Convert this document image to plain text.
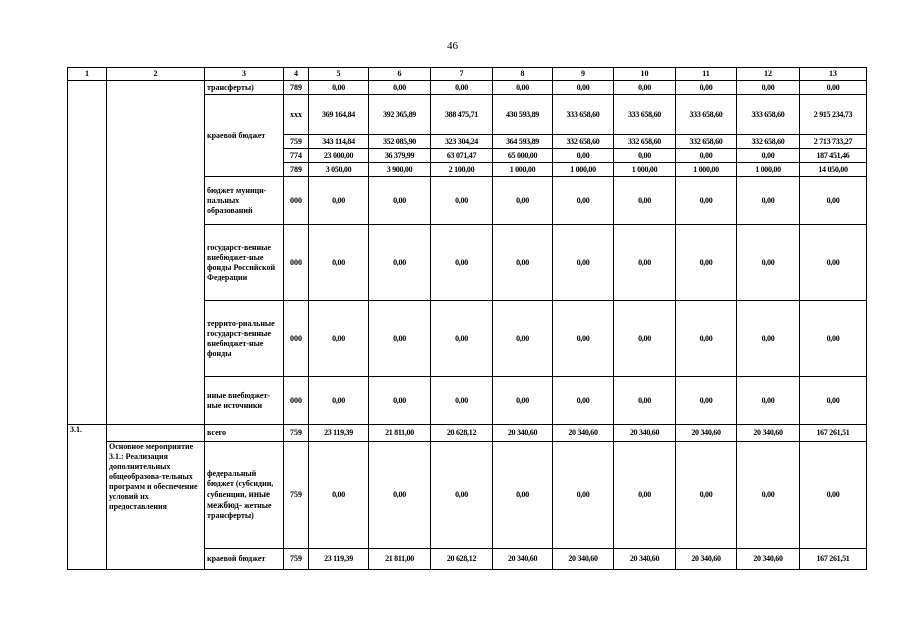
46
1	2	3	4	5	6	7	8	9	10	11	12	13
		трансферты)	789	0,00	0,00	0,00	0,00	0,00	0,00	0,00	0,00	0,00
		краевой бюджет	ххх	369 164,84	392 365,89	388 475,71	430 593,89	333 658,60	333 658,60	333 658,60	333 658,60	2 915 234,73
			759	343 114,84	352 085,90	323 304,24	364 593,89	332 658,60	332 658,60	332 658,60	332 658,60	2 713 733,27
			774	23 000,00	36 379,99	63 071,47	65 000,00	0,00	0,00	0,00	0,00	187 451,46
			789	3 050,00	3 900,00	2 100,00	1 000,00	1 000,00	1 000,00	1 000,00	1 000,00	14 050,00
		бюджет муници-пальных образований	000	0,00	0,00	0,00	0,00	0,00	0,00	0,00	0,00	0,00
		государст-венные внебюджет-ные фонды Российской Федерации	000	0,00	0,00	0,00	0,00	0,00	0,00	0,00	0,00	0,00
		террито-риальные государст-венные внебюджет-ные фонды	000	0,00	0,00	0,00	0,00	0,00	0,00	0,00	0,00	0,00
		иные внебюджет-ные источники	000	0,00	0,00	0,00	0,00	0,00	0,00	0,00	0,00	0,00
3.1.		всего	759	23 119,39	21 811,00	20 628,12	20 340,60	20 340,60	20 340,60	20 340,60	20 340,60	167 261,51
	Основное мероприятие 3.1.: Реализация дополнительных общеобразова-тельных программ и обеспечение условий их предоставления	федеральный бюджет (субсидии, субвенции, иные межбюд- жетные трансферты)	759	0,00	0,00	0,00	0,00	0,00	0,00	0,00	0,00	0,00
		краевой бюджет	759	23 119,39	21 811,00	20 628,12	20 340,60	20 340,60	20 340,60	20 340,60	20 340,60	167 261,51
